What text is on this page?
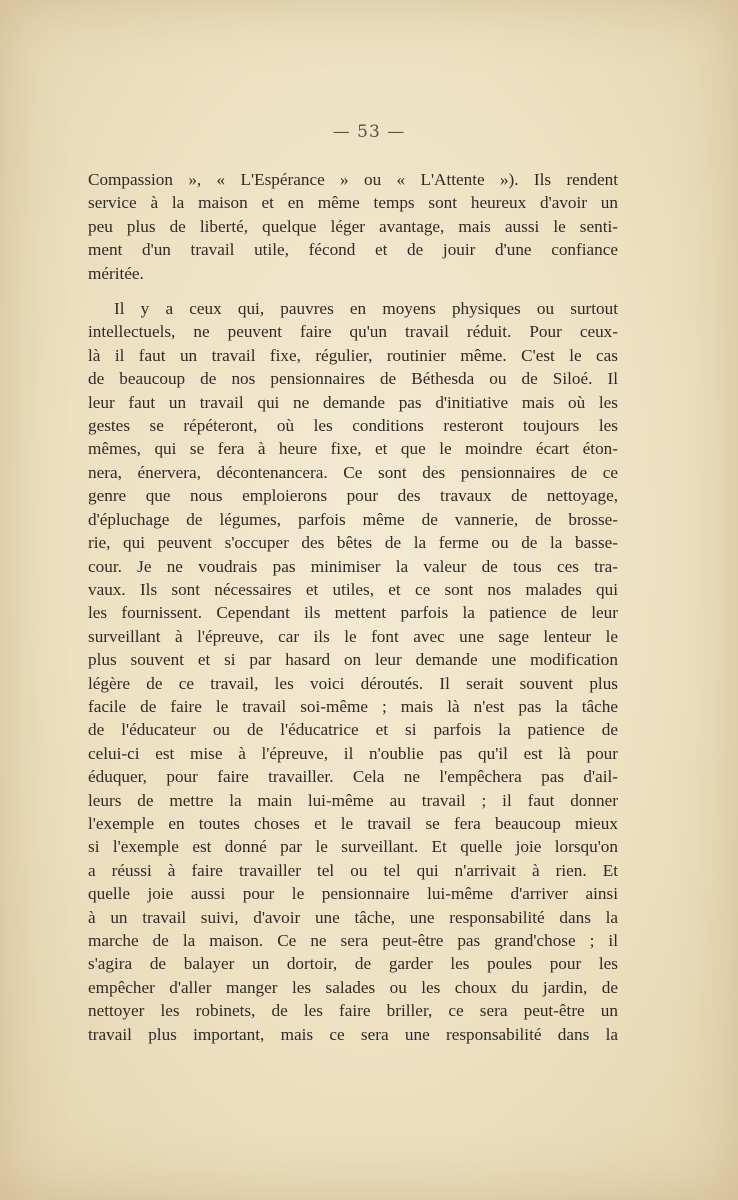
— 53 —
Compassion », « L'Espérance » ou « L'Attente »). Ils rendent
service à la maison et en même temps sont heureux d'avoir un
peu plus de liberté, quelque léger avantage, mais aussi le senti-
ment d'un travail utile, fécond et de jouir d'une confiance
méritée.
Il y a ceux qui, pauvres en moyens physiques ou surtout
intellectuels, ne peuvent faire qu'un travail réduit. Pour ceux-
là il faut un travail fixe, régulier, routinier même. C'est le cas
de beaucoup de nos pensionnaires de Béthesda ou de Siloé. Il
leur faut un travail qui ne demande pas d'initiative mais où les
gestes se répéteront, où les conditions resteront toujours les
mêmes, qui se fera à heure fixe, et que le moindre écart éton-
nera, énervera, décontenancera. Ce sont des pensionnaires de ce
genre que nous emploierons pour des travaux de nettoyage,
d'épluchage de légumes, parfois même de vannerie, de brosse-
rie, qui peuvent s'occuper des bêtes de la ferme ou de la basse-
cour. Je ne voudrais pas minimiser la valeur de tous ces tra-
vaux. Ils sont nécessaires et utiles, et ce sont nos malades qui
les fournissent. Cependant ils mettent parfois la patience de leur
surveillant à l'épreuve, car ils le font avec une sage lenteur le
plus souvent et si par hasard on leur demande une modification
légère de ce travail, les voici déroutés. Il serait souvent plus
facile de faire le travail soi-même ; mais là n'est pas la tâche
de l'éducateur ou de l'éducatrice et si parfois la patience de
celui-ci est mise à l'épreuve, il n'oublie pas qu'il est là pour
éduquer, pour faire travailler. Cela ne l'empêchera pas d'ail-
leurs de mettre la main lui-même au travail ; il faut donner
l'exemple en toutes choses et le travail se fera beaucoup mieux
si l'exemple est donné par le surveillant. Et quelle joie lorsqu'on
a réussi à faire travailler tel ou tel qui n'arrivait à rien. Et
quelle joie aussi pour le pensionnaire lui-même d'arriver ainsi
à un travail suivi, d'avoir une tâche, une responsabilité dans la
marche de la maison. Ce ne sera peut-être pas grand'chose ; il
s'agira de balayer un dortoir, de garder les poules pour les
empêcher d'aller manger les salades ou les choux du jardin, de
nettoyer les robinets, de les faire briller, ce sera peut-être un
travail plus important, mais ce sera une responsabilité dans la
